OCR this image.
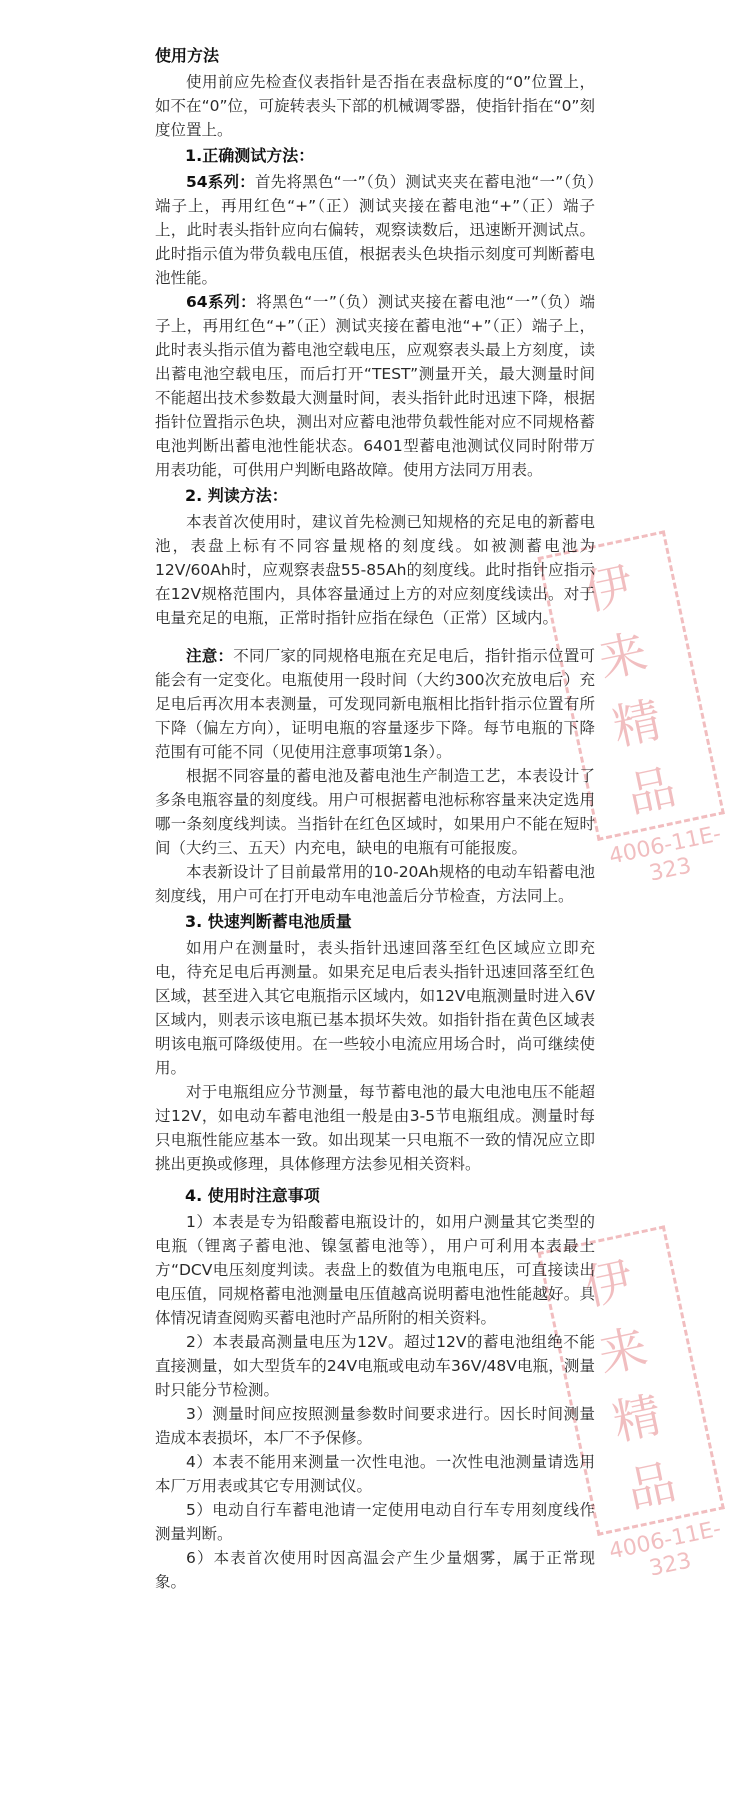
伊 来 精 品
4006-11E-323
伊 来 精 品
4006-11E-323
使用方法

使用前应先检查仪表指针是否指在表盘标度的“0”位置上，如不在“0”位，可旋转表头下部的机械调零器，使指针指在“0”刻度位置上。

1.正确测试方法：

54系列：首先将黑色“一”（负）测试夹夹在蓄电池“一”（负）端子上，再用红色“+”（正）测试夹接在蓄电池“+”（正）端子上，此时表头指针应向右偏转，观察读数后，迅速断开测试点。此时指示值为带负载电压值，根据表头色块指示刻度可判断蓄电池性能。

64系列：将黑色“一”（负）测试夹接在蓄电池“一”（负）端子上，再用红色“+”（正）测试夹接在蓄电池“+”（正）端子上，此时表头指示值为蓄电池空载电压，应观察表头最上方刻度，读出蓄电池空载电压，而后打开“TEST”测量开关，最大测量时间不能超出技术参数最大测量时间，表头指针此时迅速下降，根据指针位置指示色块，测出对应蓄电池带负载性能对应不同规格蓄电池判断出蓄电池性能状态。6401型蓄电池测试仪同时附带万用表功能，可供用户判断电路故障。使用方法同万用表。

2. 判读方法：

本表首次使用时，建议首先检测已知规格的充足电的新蓄电池，表盘上标有不同容量规格的刻度线。如被测蓄电池为12V/60Ah时，应观察表盘55-85Ah的刻度线。此时指针应指示在12V规格范围内，具体容量通过上方的对应刻度线读出。对于电量充足的电瓶，正常时指针应指在绿色（正常）区域内。

注意：不同厂家的同规格电瓶在充足电后，指针指示位置可能会有一定变化。电瓶使用一段时间（大约300次充放电后）充足电后再次用本表测量，可发现同新电瓶相比指针指示位置有所下降（偏左方向），证明电瓶的容量逐步下降。每节电瓶的下降范围有可能不同（见使用注意事项第1条）。

根据不同容量的蓄电池及蓄电池生产制造工艺，本表设计了多条电瓶容量的刻度线。用户可根据蓄电池标称容量来决定选用哪一条刻度线判读。当指针在红色区域时，如果用户不能在短时间（大约三、五天）内充电，缺电的电瓶有可能报废。

本表新设计了目前最常用的10-20Ah规格的电动车铅蓄电池刻度线，用户可在打开电动车电池盖后分节检查，方法同上。

3. 快速判断蓄电池质量

如用户在测量时，表头指针迅速回落至红色区域应立即充电，待充足电后再测量。如果充足电后表头指针迅速回落至红色区域，甚至进入其它电瓶指示区域内，如12V电瓶测量时进入6V区域内，则表示该电瓶已基本损坏失效。如指针指在黄色区域表明该电瓶可降级使用。在一些较小电流应用场合时，尚可继续使用。

对于电瓶组应分节测量，每节蓄电池的最大电池电压不能超过12V，如电动车蓄电池组一般是由3-5节电瓶组成。测量时每只电瓶性能应基本一致。如出现某一只电瓶不一致的情况应立即挑出更换或修理，具体修理方法参见相关资料。

4. 使用时注意事项

1）本表是专为铅酸蓄电瓶设计的，如用户测量其它类型的电瓶（锂离子蓄电池、镍氢蓄电池等），用户可利用本表最上方“DCV电压刻度判读。表盘上的数值为电瓶电压，可直接读出电压值，同规格蓄电池测量电压值越高说明蓄电池性能越好。具体情况请查阅购买蓄电池时产品所附的相关资料。

2）本表最高测量电压为12V。超过12V的蓄电池组绝不能直接测量，如大型货车的24V电瓶或电动车36V/48V电瓶，测量时只能分节检测。

3）测量时间应按照测量参数时间要求进行。因长时间测量造成本表损坏，本厂不予保修。

4）本表不能用来测量一次性电池。一次性电池测量请选用本厂万用表或其它专用测试仪。

5）电动自行车蓄电池请一定使用电动自行车专用刻度线作测量判断。

6）本表首次使用时因高温会产生少量烟雾，属于正常现象。
